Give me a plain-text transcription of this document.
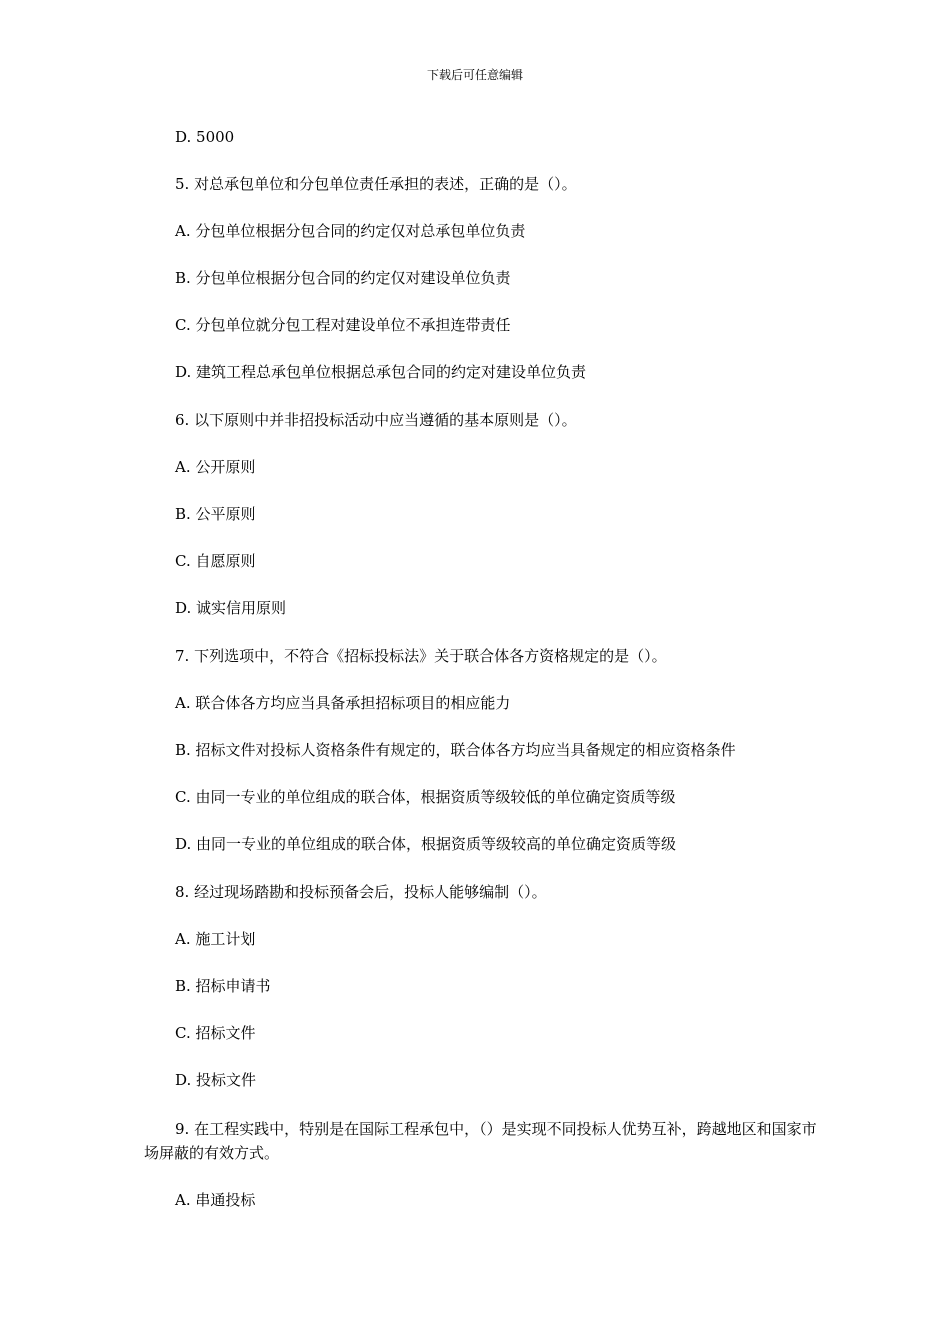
下载后可任意编辑
D. 5000
5. 对总承包单位和分包单位责任承担的表述，正确的是（）。
A. 分包单位根据分包合同的约定仅对总承包单位负责
B. 分包单位根据分包合同的约定仅对建设单位负责
C. 分包单位就分包工程对建设单位不承担连带责任
D. 建筑工程总承包单位根据总承包合同的约定对建设单位负责
6. 以下原则中并非招投标活动中应当遵循的基本原则是（）。
A. 公开原则
B. 公平原则
C. 自愿原则
D. 诚实信用原则
7. 下列选项中，不符合《招标投标法》关于联合体各方资格规定的是（）。
A. 联合体各方均应当具备承担招标项目的相应能力
B. 招标文件对投标人资格条件有规定的，联合体各方均应当具备规定的相应资格条件
C. 由同一专业的单位组成的联合体，根据资质等级较低的单位确定资质等级
D. 由同一专业的单位组成的联合体，根据资质等级较高的单位确定资质等级
8. 经过现场踏勘和投标预备会后，投标人能够编制（）。
A. 施工计划
B. 招标申请书
C. 招标文件
D. 投标文件
9. 在工程实践中，特别是在国际工程承包中，（）是实现不同投标人优势互补，跨越地区和国家市场屏蔽的有效方式。
A. 串通投标
